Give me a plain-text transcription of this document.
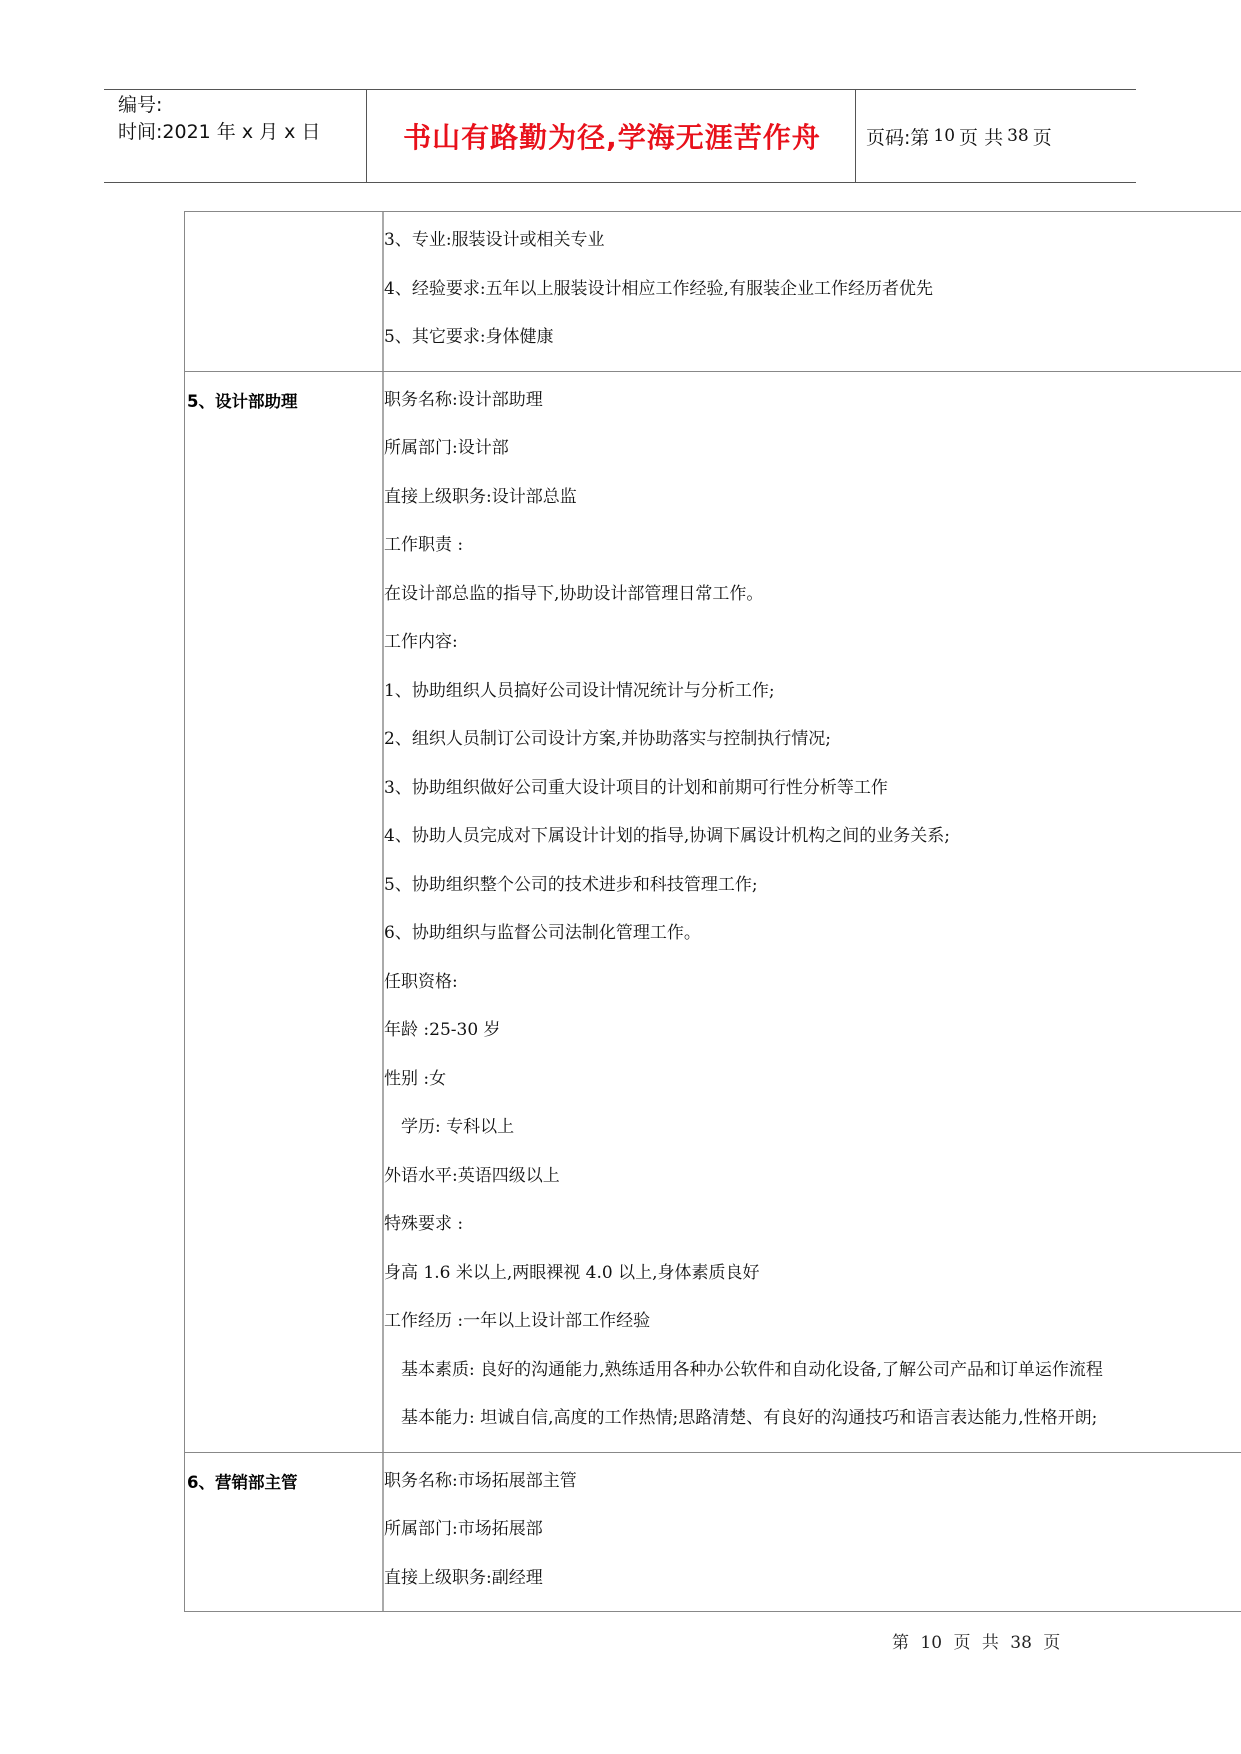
编号:
时间:2021 年 x 月 x 日	书山有路勤为径,学海无涯苦作舟	页码:第 10 页 共 38 页
3、专业:服装设计或相关专业
4、经验要求:五年以上服装设计相应工作经验,有服装企业工作经历者优先
5、其它要求:身体健康
5、设计部助理	职务名称:设计部助理
所属部门:设计部
直接上级职务:设计部总监
工作职责 :
在设计部总监的指导下,协助设计部管理日常工作。
工作内容:
1、协助组织人员搞好公司设计情况统计与分析工作;
2、组织人员制订公司设计方案,并协助落实与控制执行情况;
3、协助组织做好公司重大设计项目的计划和前期可行性分析等工作
4、协助人员完成对下属设计计划的指导,协调下属设计机构之间的业务关系;
5、协助组织整个公司的技术进步和科技管理工作;
6、协助组织与监督公司法制化管理工作。
任职资格:
年龄 :25-30 岁
性别 :女
学历: 专科以上
外语水平:英语四级以上
特殊要求 :
身高 1.6 米以上,两眼裸视 4.0 以上,身体素质良好
工作经历 :一年以上设计部工作经验
基本素质: 良好的沟通能力,熟练适用各种办公软件和自动化设备,了解公司产品和订单运作流程
基本能力: 坦诚自信,高度的工作热情;思路清楚、有良好的沟通技巧和语言表达能力,性格开朗;
6、营销部主管	职务名称:市场拓展部主管
所属部门:市场拓展部
直接上级职务:副经理
第 10 页 共 38 页
